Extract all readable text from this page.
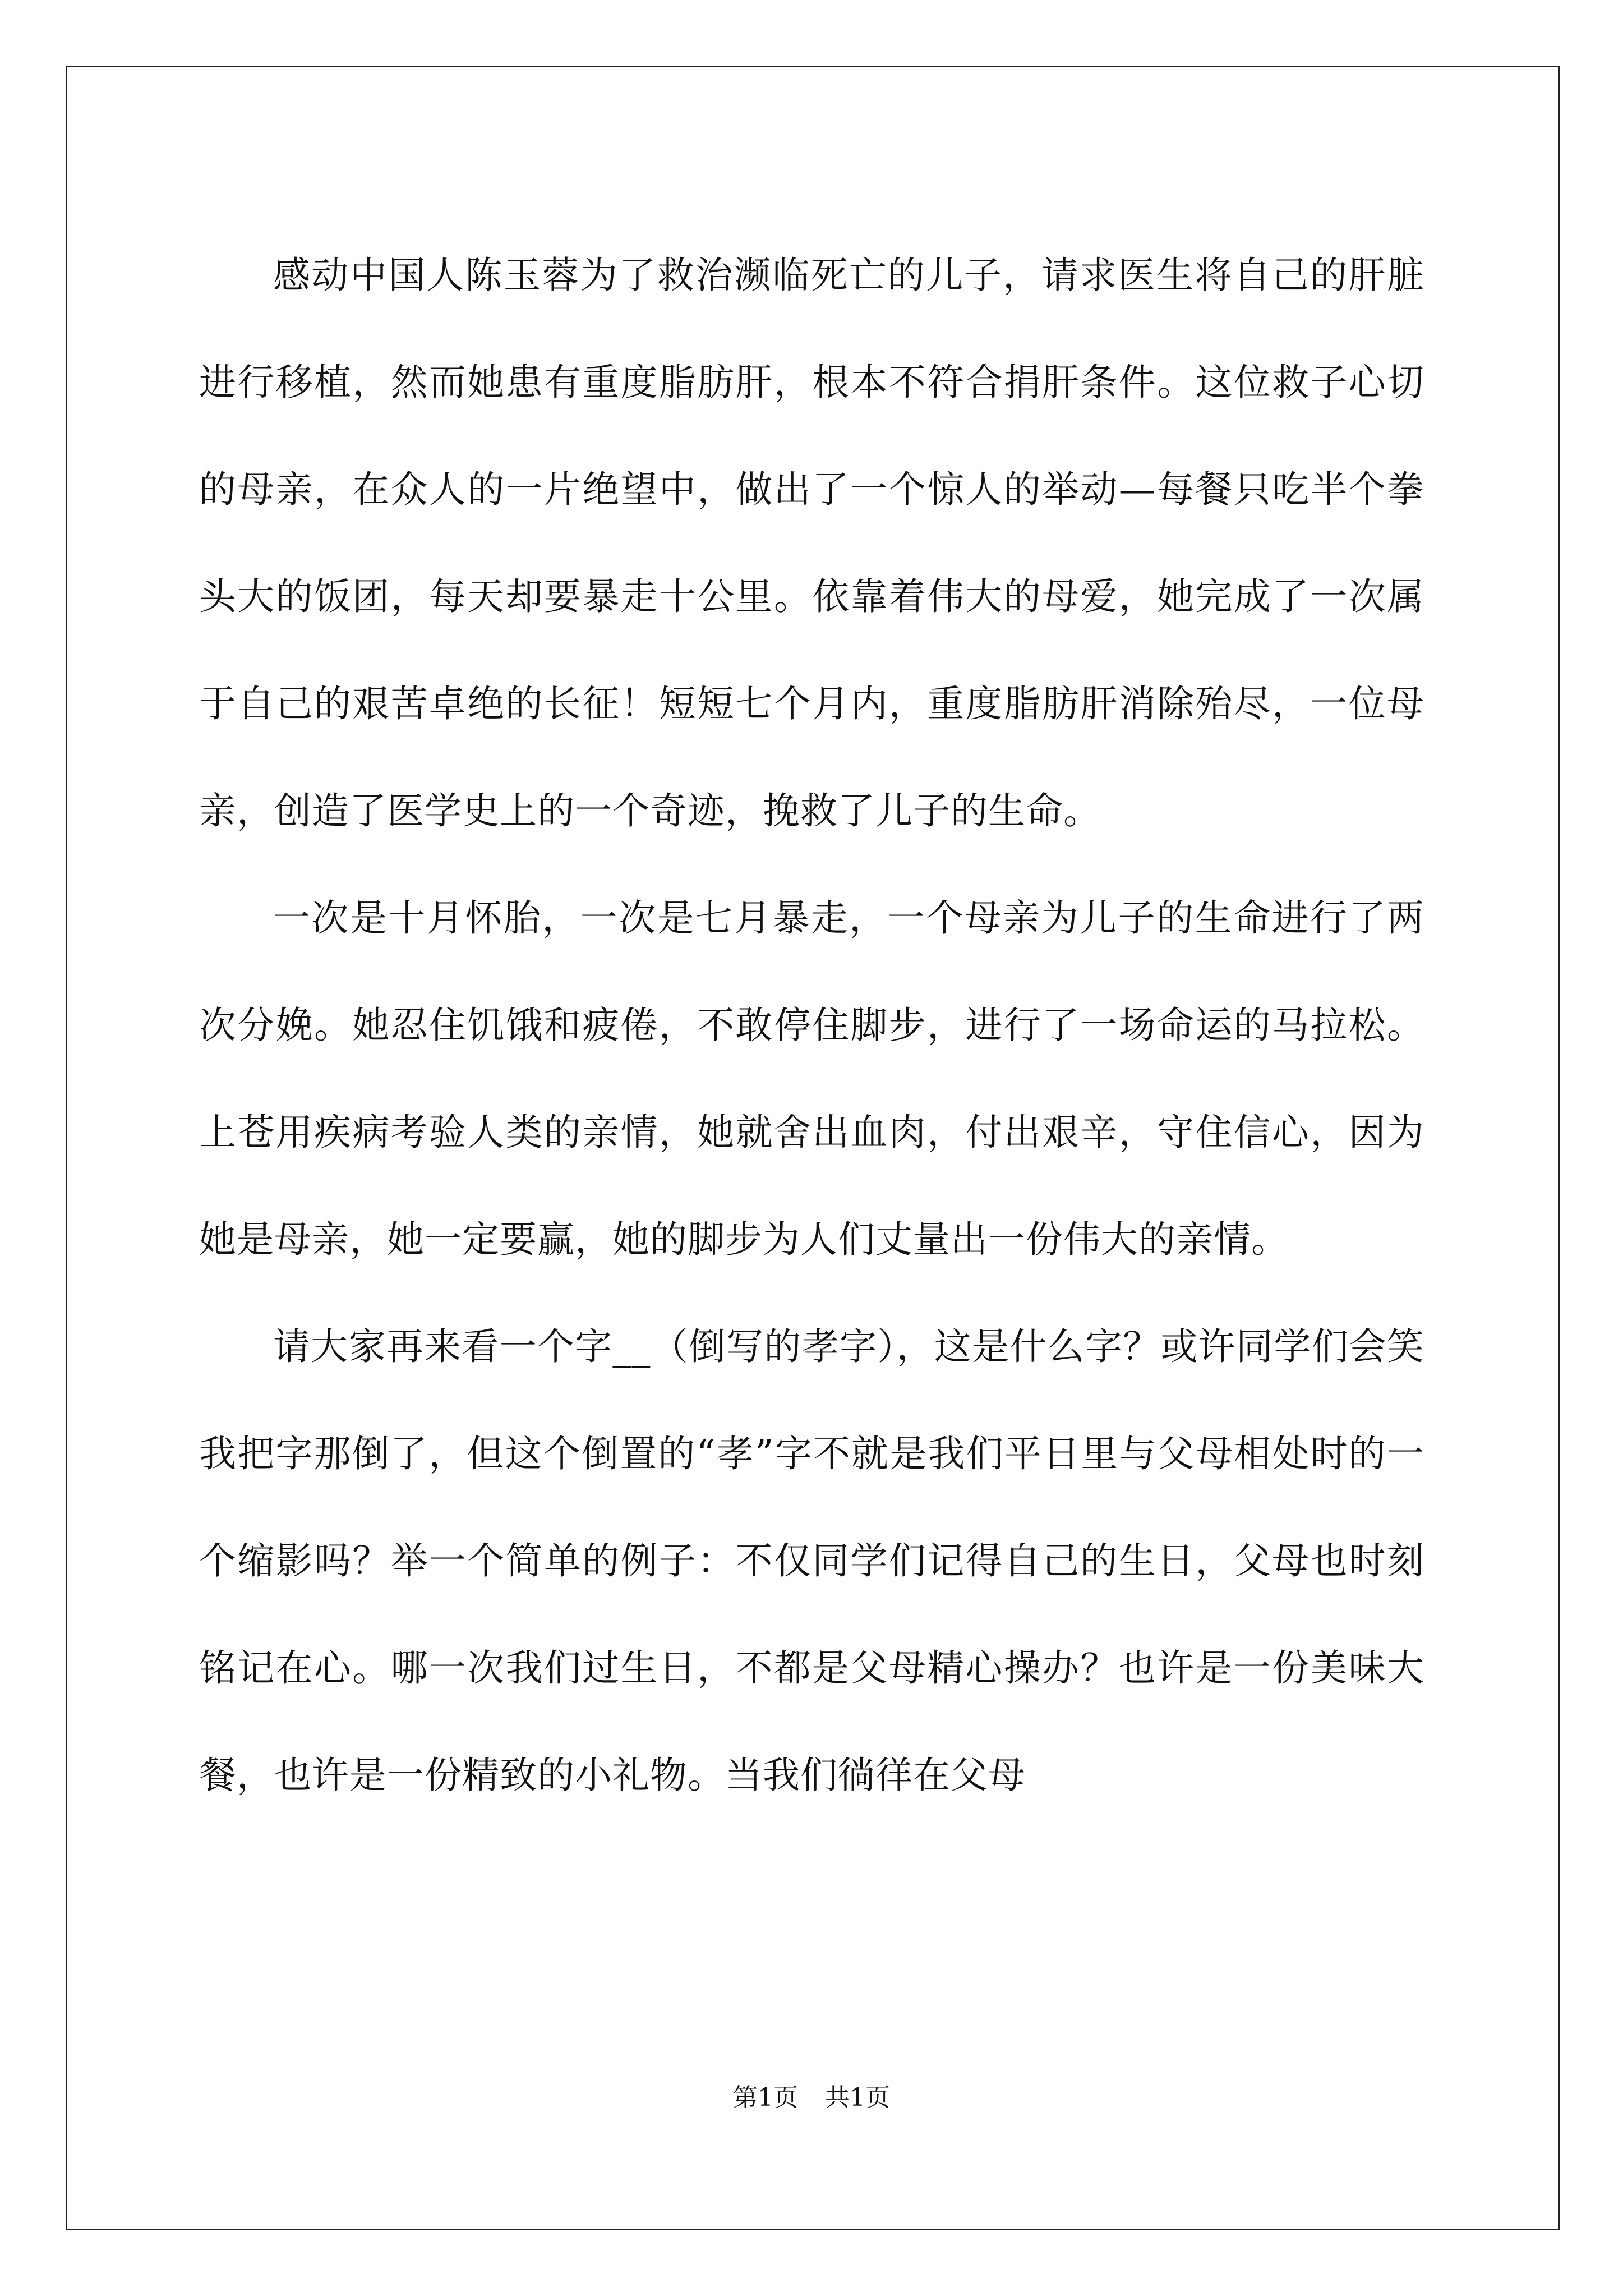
感动中国人陈玉蓉为了救治濒临死亡的儿子，请求医生将自己的肝脏进行移植，然而她患有重度脂肪肝，根本不符合捐肝条件。这位救子心切的母亲，在众人的一片绝望中，做出了一个惊人的举动—每餐只吃半个拳头大的饭团，每天却要暴走十公里。依靠着伟大的母爱，她完成了一次属于自己的艰苦卓绝的长征！短短七个月内，重度脂肪肝消除殆尽，一位母亲，创造了医学史上的一个奇迹，挽救了儿子的生命。

一次是十月怀胎，一次是七月暴走，一个母亲为儿子的生命进行了两次分娩。她忍住饥饿和疲倦，不敢停住脚步，进行了一场命运的马拉松。上苍用疾病考验人类的亲情，她就舍出血肉，付出艰辛，守住信心，因为她是母亲，她一定要赢，她的脚步为人们丈量出一份伟大的亲情。

请大家再来看一个字__（倒写的孝字），这是什么字？或许同学们会笑我把字那倒了，但这个倒置的“孝”字不就是我们平日里与父母相处时的一个缩影吗？举一个简单的例子：不仅同学们记得自己的生日，父母也时刻铭记在心。哪一次我们过生日，不都是父母精心操办？也许是一份美味大餐，也许是一份精致的小礼物。当我们徜徉在父母

第1页 共1页
